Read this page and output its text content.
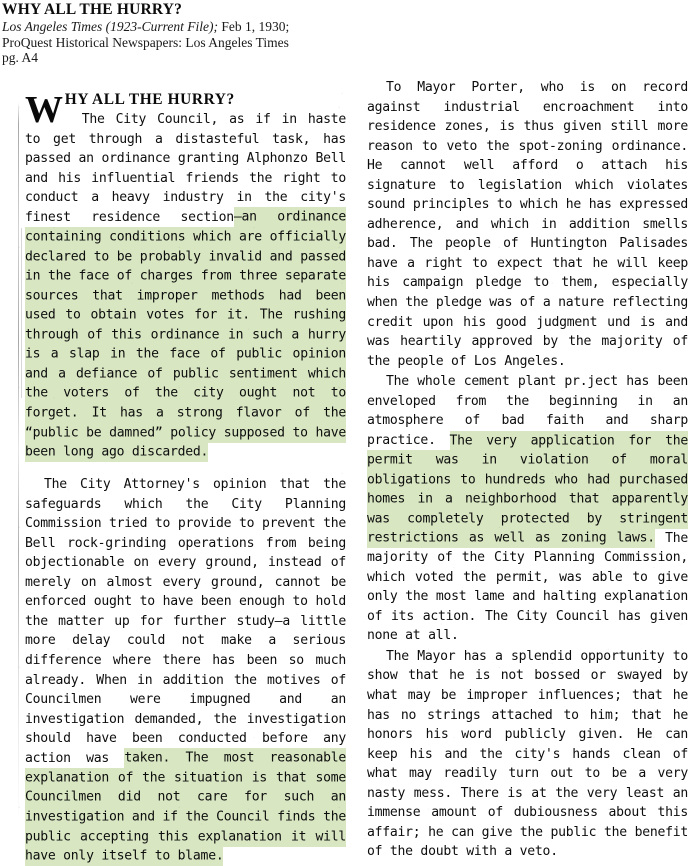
WHY ALL THE HURRY?
Los Angeles Times (1923-Current File); Feb 1, 1930;
ProQuest Historical Newspapers: Los Angeles Times
pg. A4

W HY ALL THE HURRY?
The City Council, as if in haste to get through a distasteful task, has passed an ordinance granting Alphonzo Bell and his influential friends the right to conduct a heavy industry in the city's finest residence section—an ordinance containing conditions which are officially declared to be probably invalid and passed in the face of charges from three separate sources that improper methods had been used to obtain votes for it. The rushing through of this ordinance in such a hurry is a slap in the face of public opinion and a defiance of public sentiment which the voters of the city ought not to forget. It has a strong flavor of the “public be damned” policy supposed to have been long ago discarded.

The City Attorney's opinion that the safeguards which the City Planning Commission tried to provide to prevent the Bell rock-grinding operations from being objectionable on every ground, instead of merely on almost every ground, cannot be enforced ought to have been enough to hold the matter up for further study—a little more delay could not make a serious difference where there has been so much already. When in addition the motives of Councilmen were impugned and an investigation demanded, the investigation should have been conducted before any action was taken. The most reasonable explanation of the situation is that some Councilmen did not care for such an investigation and if the Council finds the public accepting this explanation it will have only itself to blame.

To Mayor Porter, who is on record against industrial encroachment into residence zones, is thus given still more reason to veto the spot-zoning ordinance. He cannot well afford o attach his signature to legislation which violates sound principles to which he has expressed adherence, and which in addition smells bad. The people of Huntington Palisades have a right to expect that he will keep his campaign pledge to them, especially when the pledge was of a nature reflecting credit upon his good judgment und is and was heartily approved by the majority of the people of Los Angeles.

The whole cement plant pr.ject has been enveloped from the beginning in an atmosphere of bad faith and sharp practice. The very application for the permit was in violation of moral obligations to hundreds who had purchased homes in a neighborhood that apparently was completely protected by stringent restrictions as well as zoning laws. The majority of the City Planning Commission, which voted the permit, was able to give only the most lame and halting explanation of its action. The City Council has given none at all.

The Mayor has a splendid opportunity to show that he is not bossed or swayed by what may be improper influences; that he has no strings attached to him; that he honors his word publicly given. He can keep his and the city's hands clean of what may readily turn out to be a very nasty mess. There is at the very least an immense amount of dubiousness about this affair; he can give the public the benefit of the doubt with a veto.
